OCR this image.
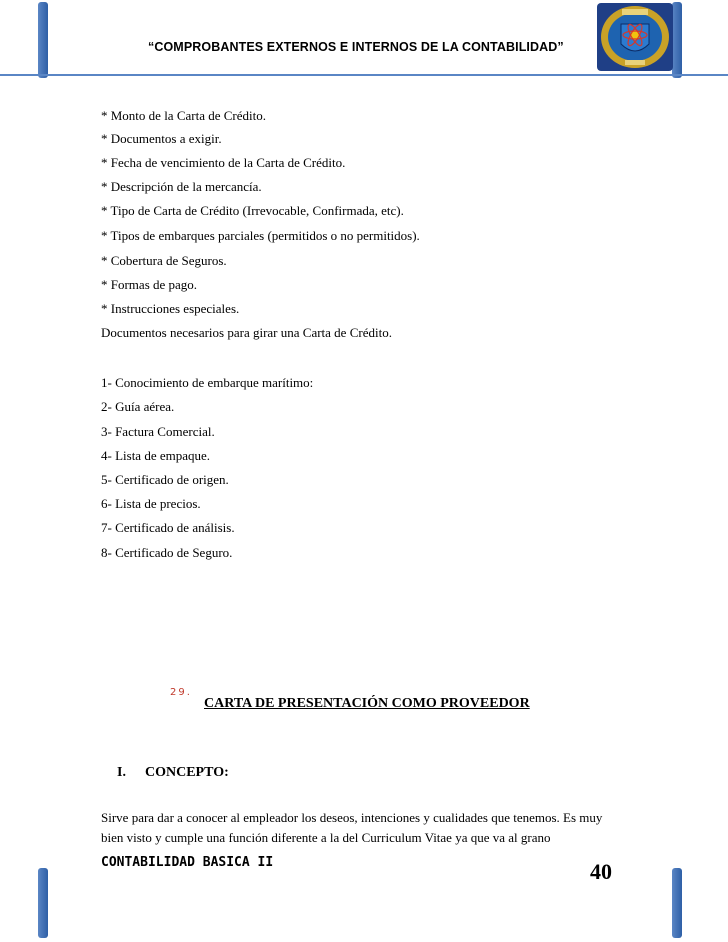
“COMPROBANTES EXTERNOS E INTERNOS DE LA CONTABILIDAD”
* Monto de la Carta de Crédito.
* Documentos a exigir.
* Fecha de vencimiento de la Carta de Crédito.
* Descripción de la mercancía.
* Tipo de Carta de Crédito (Irrevocable, Confirmada, etc).
* Tipos de embarques parciales (permitidos o no permitidos).
* Cobertura de Seguros.
* Formas de pago.
* Instrucciones especiales.
Documentos necesarios para girar una Carta de Crédito.
1- Conocimiento de embarque marítimo:
2- Guía aérea.
3- Factura Comercial.
4- Lista de empaque.
5- Certificado de origen.
6- Lista de precios.
7- Certificado de análisis.
8- Certificado de Seguro.
29.
CARTA DE PRESENTACIÓN COMO PROVEEDOR
I. CONCEPTO:
Sirve para dar a conocer al empleador los deseos, intenciones y cualidades que tenemos. Es muy bien visto y cumple una función diferente a la del Curriculum Vitae ya que va al grano
CONTABILIDAD BASICA II	40
